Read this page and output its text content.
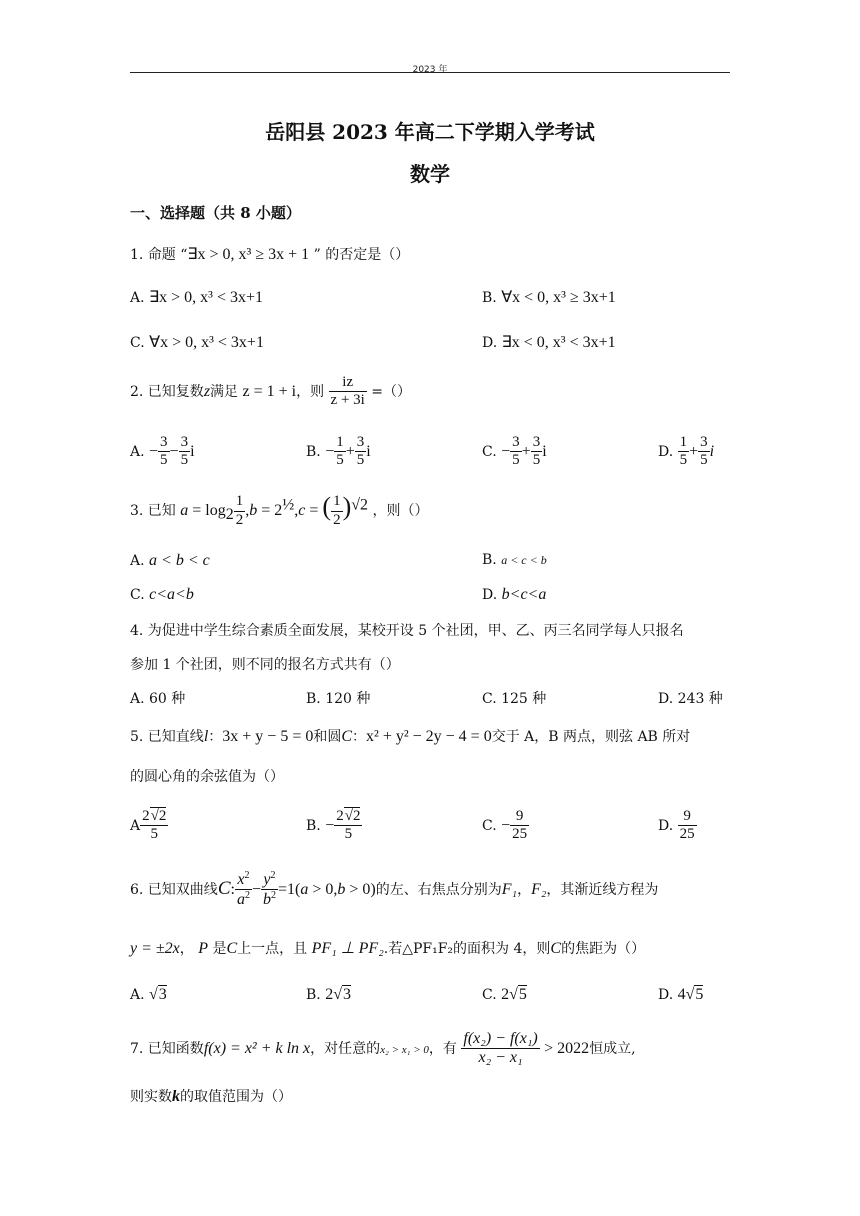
2023 年
岳阳县 2023 年高二下学期入学考试
数学
一、选择题（共 8 小题）
1. 命题 “∃x > 0, x³ ≥ 3x + 1 ” 的否定是（）
A. ∃x > 0, x³ < 3x+1	B. ∀x < 0, x³ ≥ 3x+1
C. ∀x > 0, x³ < 3x+1	D. ∃x < 0, x³ < 3x+1
2. 已知复数z满足 z = 1 + i，则 $\frac{iz}{z + 3i}$ =（）
A. − $\frac{3}{5} - \frac{3}{5}$ i	B. − $\frac{1}{5} + \frac{3}{5}$ i	C. − $\frac{3}{5} + \frac{3}{5}$ i	D. $\frac{1}{5} + \frac{3}{5}$ i
3. 已知 $a = \log_2 \frac{1}{2} ,b = 2^{\frac{1}{2}},c$ = ( $\frac{1}{2} )^{√2}$ ，则（）
A. a < b < c	B. a < c < b
C. c<a<b	D. b<c<a
4. 为促进中学生综合素质全面发展，某校开设 5 个社团，甲、乙、丙三名同学每人只报名
参加 1 个社团，则不同的报名方式共有（）
A. 60 种	B. 120 种	C. 125 种	D. 243 种
5. 已知直线l：3x + y − 5 = 0和圆C：x² + y² − 2y − 4 = 0交于 A，B 两点，则弦 AB 所对
的圆心角的余弦值为（）
A $\frac{2√2}{5}$	B. − $\frac{2√2}{5}$	C. − $\frac{9}{25}$	D. $\frac{9}{25}$
6. 已知双曲线C: $\frac{x^2}{a^2} - \frac{y^2}{b^2} =1(a > 0,b > 0)$的左、右焦点分别为F₁，F₂，其渐近线方程为
y = ±2x， P 是C上一点，且 PF₁ ⊥ PF₂.若△PF₁F₂的面积为 4，则C的焦距为（）
A. √3	B. 2√3	C. 2√5	D. 4√5
7. 已知函数f(x) = x² + k ln x，对任意的x₂ > x₁ > 0，有 $\frac{\text{f(x₂) − f(x₁)}}{\text{x₂ − x₁}} > 2022$恒成立,
则实数k的取值范围为（）
